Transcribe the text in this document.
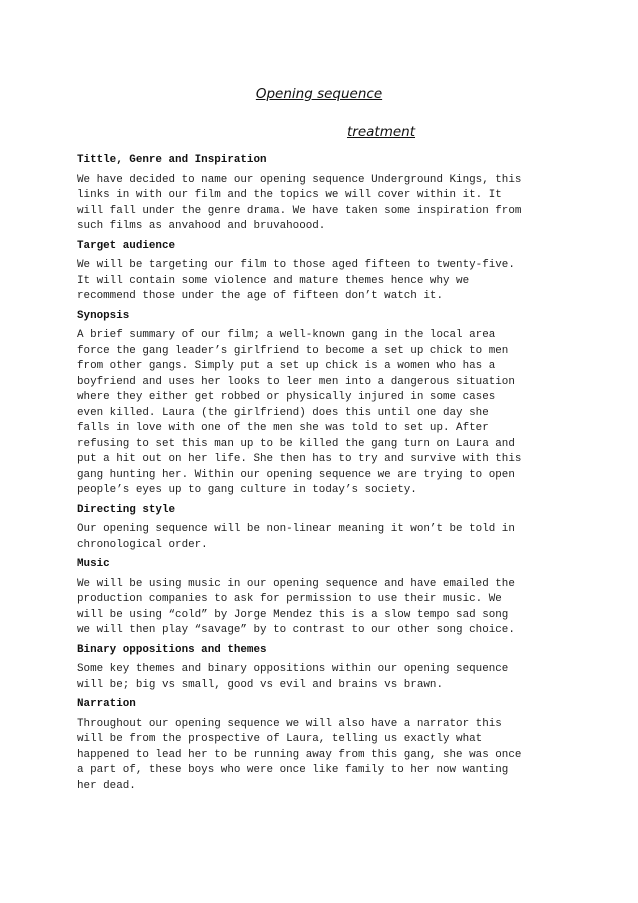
Opening sequence
treatment
Tittle, Genre and Inspiration
We have decided to name our opening sequence Underground Kings, this
links in with our film and the topics we will cover within it. It
will fall under the genre drama. We have taken some inspiration from
such films as anvahood and bruvahoood.
Target audience
We will be targeting our film to those aged fifteen to twenty-five.
It will contain some violence and mature themes hence why we
recommend those under the age of fifteen don’t watch it.
Synopsis
A brief summary of our film; a well-known gang in the local area
force the gang leader’s girlfriend to become a set up chick to men
from other gangs. Simply put a set up chick is a women who has a
boyfriend and uses her looks to leer men into a dangerous situation
where they either get robbed or physically injured in some cases
even killed. Laura (the girlfriend) does this until one day she
falls in love with one of the men she was told to set up. After
refusing to set this man up to be killed the gang turn on Laura and
put a hit out on her life. She then has to try and survive with this
gang hunting her. Within our opening sequence we are trying to open
people’s eyes up to gang culture in today’s society.
Directing style
Our opening sequence will be non-linear meaning it won’t be told in
chronological order.
Music
We will be using music in our opening sequence and have emailed the
production companies to ask for permission to use their music. We
will be using “cold” by Jorge Mendez this is a slow tempo sad song
we will then play “savage” by to contrast to our other song choice.
Binary oppositions and themes
Some key themes and binary oppositions within our opening sequence
will be; big vs small, good vs evil and brains vs brawn.
Narration
Throughout our opening sequence we will also have a narrator this
will be from the prospective of Laura, telling us exactly what
happened to lead her to be running away from this gang, she was once
a part of, these boys who were once like family to her now wanting
her dead.
